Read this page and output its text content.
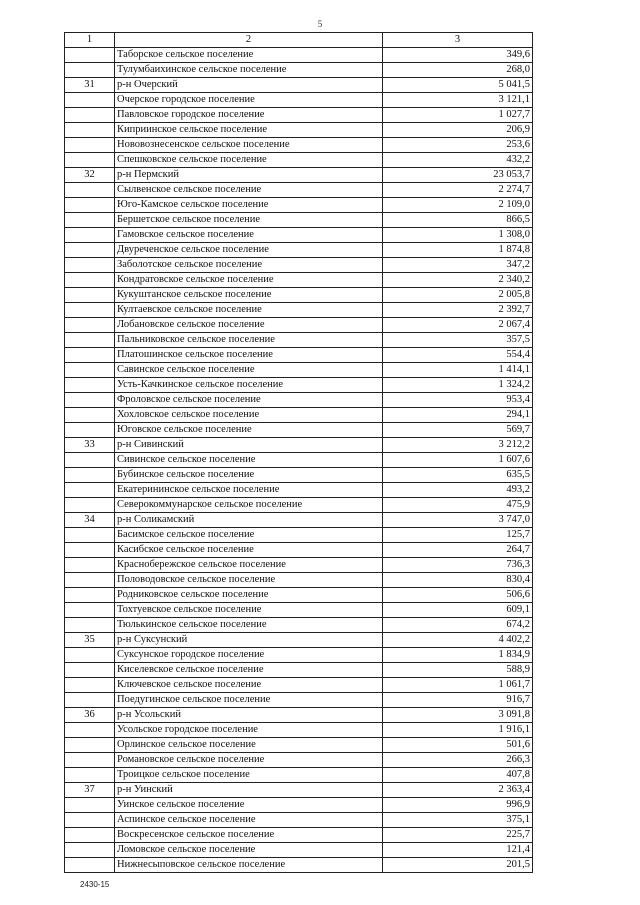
5
1	2	3
	Таборское сельское поселение	349,6
	Тулумбаихинское сельское поселение	268,0
31	р-н Очерский	5 041,5
	Очерское городское поселение	3 121,1
	Павловское городское поселение	1 027,7
	Киприинское сельское поселение	206,9
	Нововознесенское сельское поселение	253,6
	Спешковское сельское поселение	432,2
32	р-н Пермский	23 053,7
	Сылвенское сельское поселение	2 274,7
	Юго-Камское сельское поселение	2 109,0
	Бершетское сельское поселение	866,5
	Гамовское сельское поселение	1 308,0
	Двуреченское сельское поселение	1 874,8
	Заболотское сельское поселение	347,2
	Кондратовское сельское поселение	2 340,2
	Кукуштанское сельское поселение	2 005,8
	Култаевское сельское поселение	2 392,7
	Лобановское сельское поселение	2 067,4
	Пальниковское сельское поселение	357,5
	Платошинское сельское поселение	554,4
	Савинское сельское поселение	1 414,1
	Усть-Качкинское сельское поселение	1 324,2
	Фроловское сельское поселение	953,4
	Хохловское сельское поселение	294,1
	Юговское сельское поселение	569,7
33	р-н Сивинский	3 212,2
	Сивинское сельское поселение	1 607,6
	Бубинское сельское поселение	635,5
	Екатерининское сельское поселение	493,2
	Северокоммунарское сельское поселение	475,9
34	р-н Соликамский	3 747,0
	Басимское сельское поселение	125,7
	Касибское сельское поселение	264,7
	Краснобережское сельское поселение	736,3
	Половодовское сельское поселение	830,4
	Родниковское сельское поселение	506,6
	Тохтуевское сельское поселение	609,1
	Тюлькинское сельское поселение	674,2
35	р-н Суксунский	4 402,2
	Суксунское городское поселение	1 834,9
	Киселевское сельское поселение	588,9
	Ключевское сельское поселение	1 061,7
	Поедугинское сельское поселение	916,7
36	р-н Усольский	3 091,8
	Усольское городское поселение	1 916,1
	Орлинское сельское поселение	501,6
	Романовское сельское поселение	266,3
	Троицкое сельское поселение	407,8
37	р-н Уинский	2 363,4
	Уинское сельское поселение	996,9
	Аспинское сельское поселение	375,1
	Воскресенское сельское поселение	225,7
	Ломовское сельское поселение	121,4
	Нижнесыповское сельское поселение	201,5
2430-15
